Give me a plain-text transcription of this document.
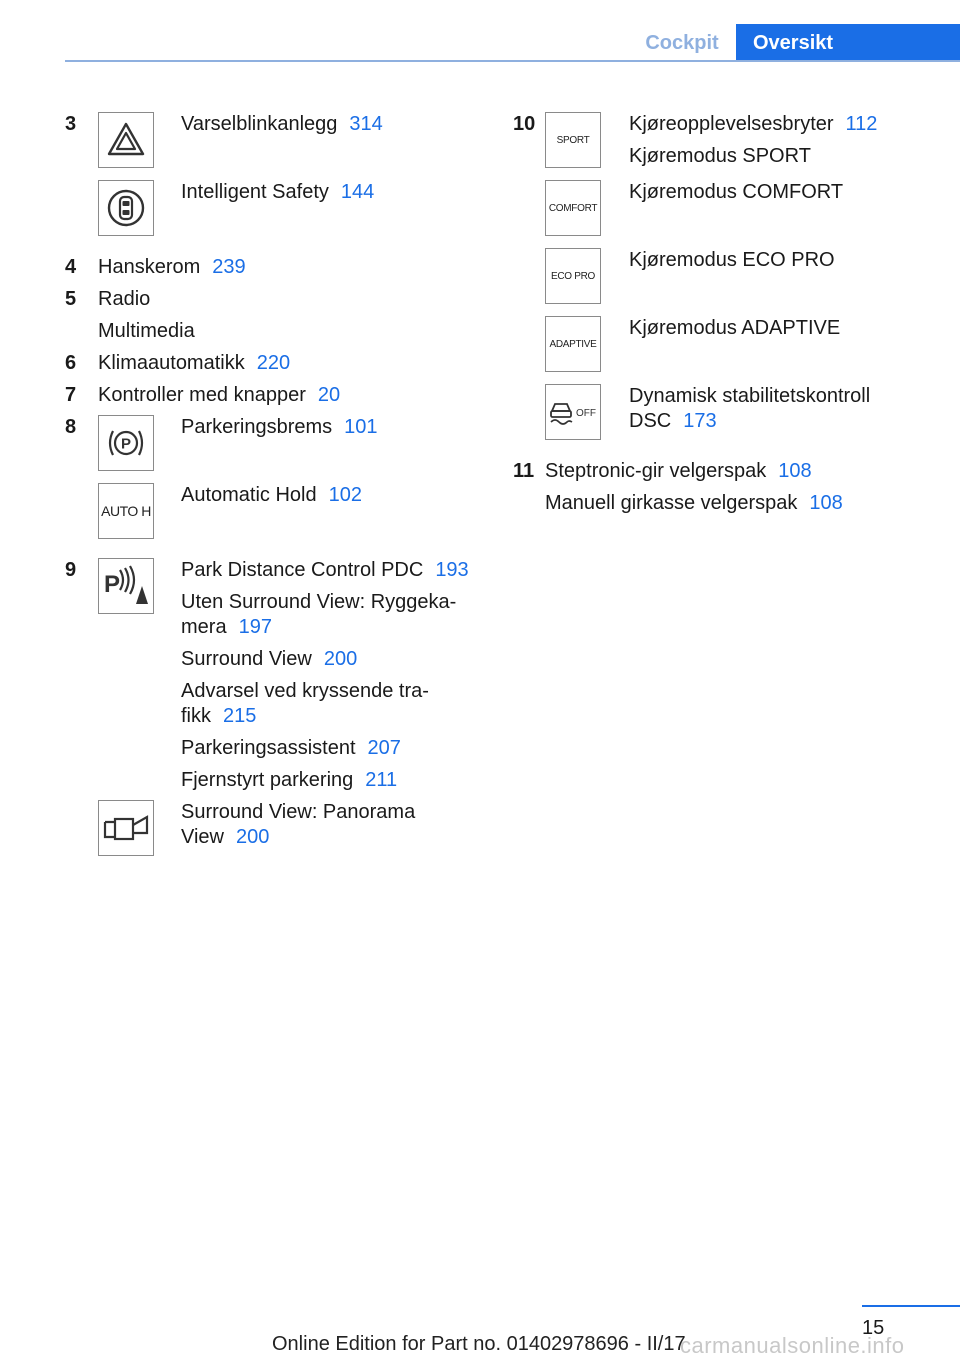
Cockpit	Oversikt
3	Varselblinkanlegg 314
Intelligent Safety 144
4 Hanskerom 239
5 Radio
Multimedia
6 Klimaautomatikk 220
7 Kontroller med knapper 20
8
P
Parkeringsbrems 101
AUTO H
Automatic Hold 102
9
P
Park Distance Control PDC 193
Uten Surround View: Ryggeka-
mera 197
Surround View 200
Advarsel ved kryssende tra-
fikk 215
Parkeringsassistent 207
Fjernstyrt parkering 211
Surround View: Panorama
View 200
10
SPORT
Kjøreopplevelsesbryter 112
Kjøremodus SPORT
COMFORT
Kjøremodus COMFORT
ECO PRO
Kjøremodus ECO PRO
ADAPTIVE
Kjøremodus ADAPTIVE
OFF
Dynamisk stabilitetskontroll
DSC 173
11 Steptronic-gir velgerspak 108
Manuell girkasse velgerspak 108
15
Online Edition for Part no. 01402978696 - II/17
carmanualsonline.info
